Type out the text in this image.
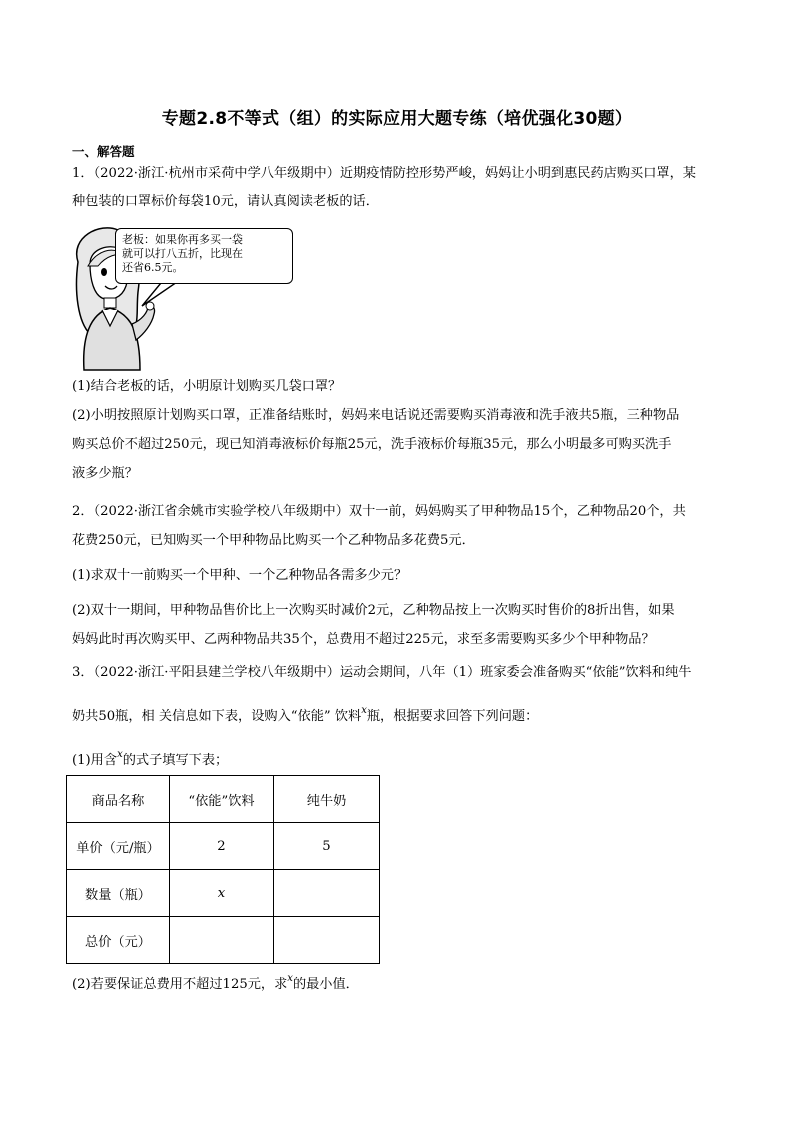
专题2.8不等式（组）的实际应用大题专练（培优强化30题）
一、解答题
1．（2022·浙江·杭州市采荷中学八年级期中）近期疫情防控形势严峻，妈妈让小明到惠民药店购买口罩，某
种包装的口罩标价每袋10元，请认真阅读老板的话．
老板：如果你再多买一袋
就可以打八五折，比现在
还省6.5元。
(1)结合老板的话，小明原计划购买几袋口罩？
(2)小明按照原计划购买口罩，正准备结账时，妈妈来电话说还需要购买消毒液和洗手液共5瓶，三种物品
购买总价不超过250元，现已知消毒液标价每瓶25元，洗手液标价每瓶35元，那么小明最多可购买洗手
液多少瓶？
2．（2022·浙江省余姚市实验学校八年级期中）双十一前，妈妈购买了甲种物品15个，乙种物品20个，共
花费250元，已知购买一个甲种物品比购买一个乙种物品多花费5元．
(1)求双十一前购买一个甲种、一个乙种物品各需多少元？
(2)双十一期间，甲种物品售价比上一次购买时减价2元，乙种物品按上一次购买时售价的8折出售，如果
妈妈此时再次购买甲、乙两种物品共35个，总费用不超过225元，求至多需要购买多少个甲种物品？
3．（2022·浙江·平阳县建兰学校八年级期中）运动会期间，八年（1）班家委会准备购买“依能”饮料和纯牛
奶共50瓶，相 关信息如下表，设购入“依能” 饮料$^x$瓶，根据要求回答下列问题：
(1)用含$^x$的式子填写下表；
商品名称	“依能”饮料	纯牛奶
单价（元/瓶）	2	5
数量（瓶）	x	
总价（元）		
(2)若要保证总费用不超过125元，求$^x$的最小值．
